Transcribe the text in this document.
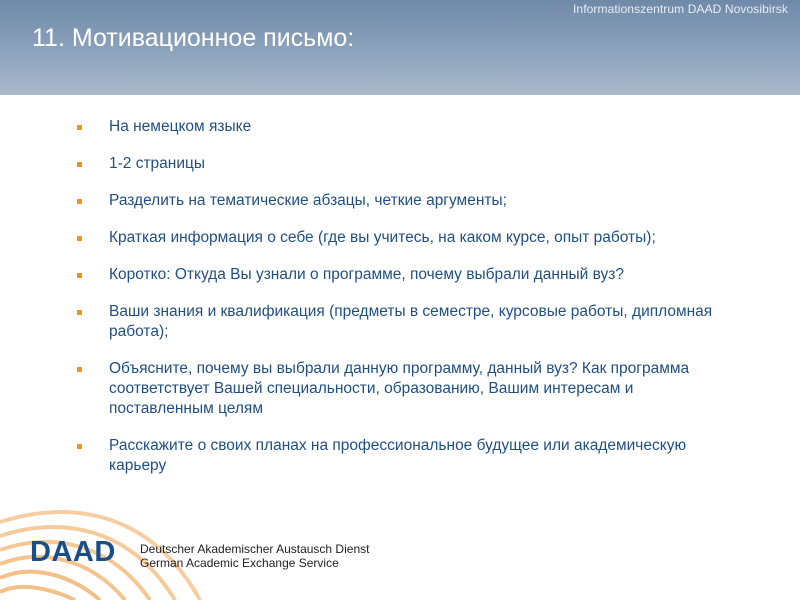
Informationszentrum DAAD Novosibirsk
11. Мотивационное письмо:
На немецком языке
1-2 страницы
Разделить на тематические абзацы, четкие аргументы;
Краткая информация о себе (где вы учитесь, на каком курсе, опыт работы);
Коротко: Откуда Вы узнали о программе, почему выбрали данный вуз?
Ваши знания и квалификация (предметы в семестре, курсовые работы, дипломная работа);
Объясните, почему вы выбрали данную программу, данный вуз? Как программа соответствует Вашей специальности, образованию, Вашим интересам и поставленным целям
Расскажите о своих планах на профессиональное будущее или академическую карьеру
DAAD Deutscher Akademischer Austausch Dienst
German Academic Exchange Service
